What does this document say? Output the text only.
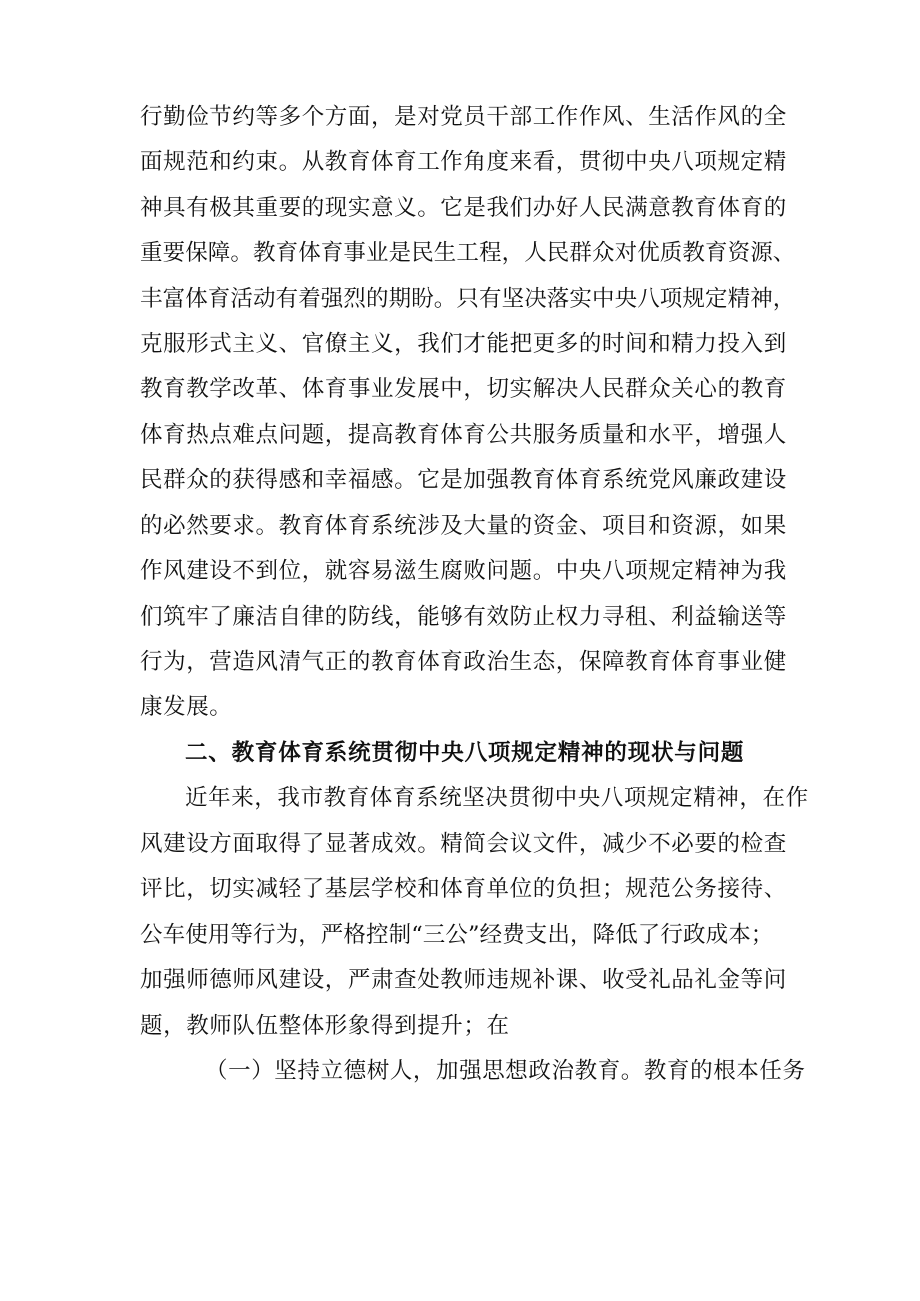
行勤俭节约等多个方面，是对党员干部工作作风、生活作风的全
面规范和约束。从教育体育工作角度来看，贯彻中央八项规定精
神具有极其重要的现实意义。它是我们办好人民满意教育体育的
重要保障。教育体育事业是民生工程，人民群众对优质教育资源、
丰富体育活动有着强烈的期盼。只有坚决落实中央八项规定精神，
克服形式主义、官僚主义，我们才能把更多的时间和精力投入到
教育教学改革、体育事业发展中，切实解决人民群众关心的教育
体育热点难点问题，提高教育体育公共服务质量和水平，增强人
民群众的获得感和幸福感。它是加强教育体育系统党风廉政建设
的必然要求。教育体育系统涉及大量的资金、项目和资源，如果
作风建设不到位，就容易滋生腐败问题。中央八项规定精神为我
们筑牢了廉洁自律的防线，能够有效防止权力寻租、利益输送等
行为，营造风清气正的教育体育政治生态，保障教育体育事业健
康发展。
二、教育体育系统贯彻中央八项规定精神的现状与问题
近年来，我市教育体育系统坚决贯彻中央八项规定精神，在作
风建设方面取得了显著成效。精简会议文件，减少不必要的检查
评比，切实减轻了基层学校和体育单位的负担；规范公务接待、
公车使用等行为，严格控制“三公”经费支出，降低了行政成本；
加强师德师风建设，严肃查处教师违规补课、收受礼品礼金等问
题，教师队伍整体形象得到提升；在
（一）坚持立德树人，加强思想政治教育。教育的根本任务
